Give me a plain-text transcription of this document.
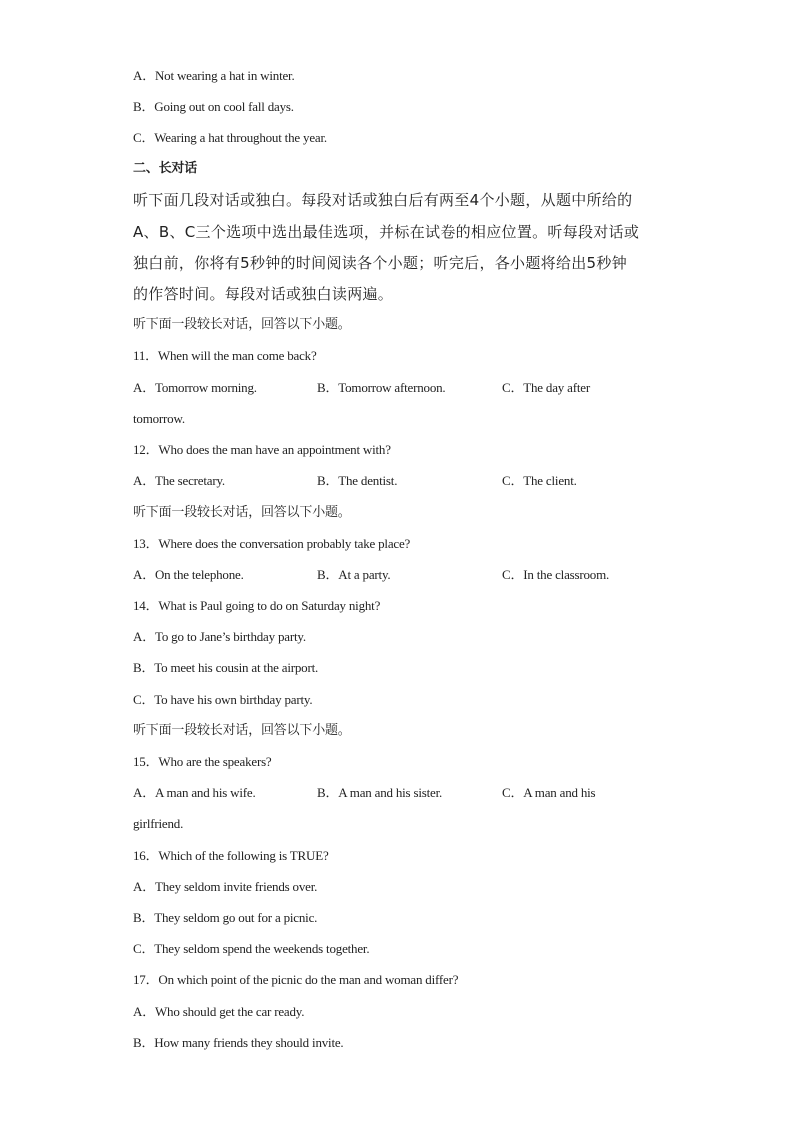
A．Not wearing a hat in winter.
B．Going out on cool fall days.
C．Wearing a hat throughout the year.
二、长对话
听下面几段对话或独白。每段对话或独白后有两至4个小题，从题中所给的
A、B、C三个选项中选出最佳选项，并标在试卷的相应位置。听每段对话或
独白前，你将有5秒钟的时间阅读各个小题；听完后，各小题将给出5秒钟
的作答时间。每段对话或独白读两遍。
听下面一段较长对话，回答以下小题。
11．When will the man come back?
A．Tomorrow morning.	B．Tomorrow afternoon.	C．The day after
tomorrow.
12．Who does the man have an appointment with?
A．The secretary.	B．The dentist.	C．The client.
听下面一段较长对话，回答以下小题。
13．Where does the conversation probably take place?
A．On the telephone.	B．At a party.	C．In the classroom.
14．What is Paul going to do on Saturday night?
A．To go to Jane’s birthday party.
B．To meet his cousin at the airport.
C．To have his own birthday party.
听下面一段较长对话，回答以下小题。
15．Who are the speakers?
A．A man and his wife.	B．A man and his sister.	C．A man and his
girlfriend.
16．Which of the following is TRUE?
A．They seldom invite friends over.
B．They seldom go out for a picnic.
C．They seldom spend the weekends together.
17．On which point of the picnic do the man and woman differ?
A．Who should get the car ready.
B．How many friends they should invite.
